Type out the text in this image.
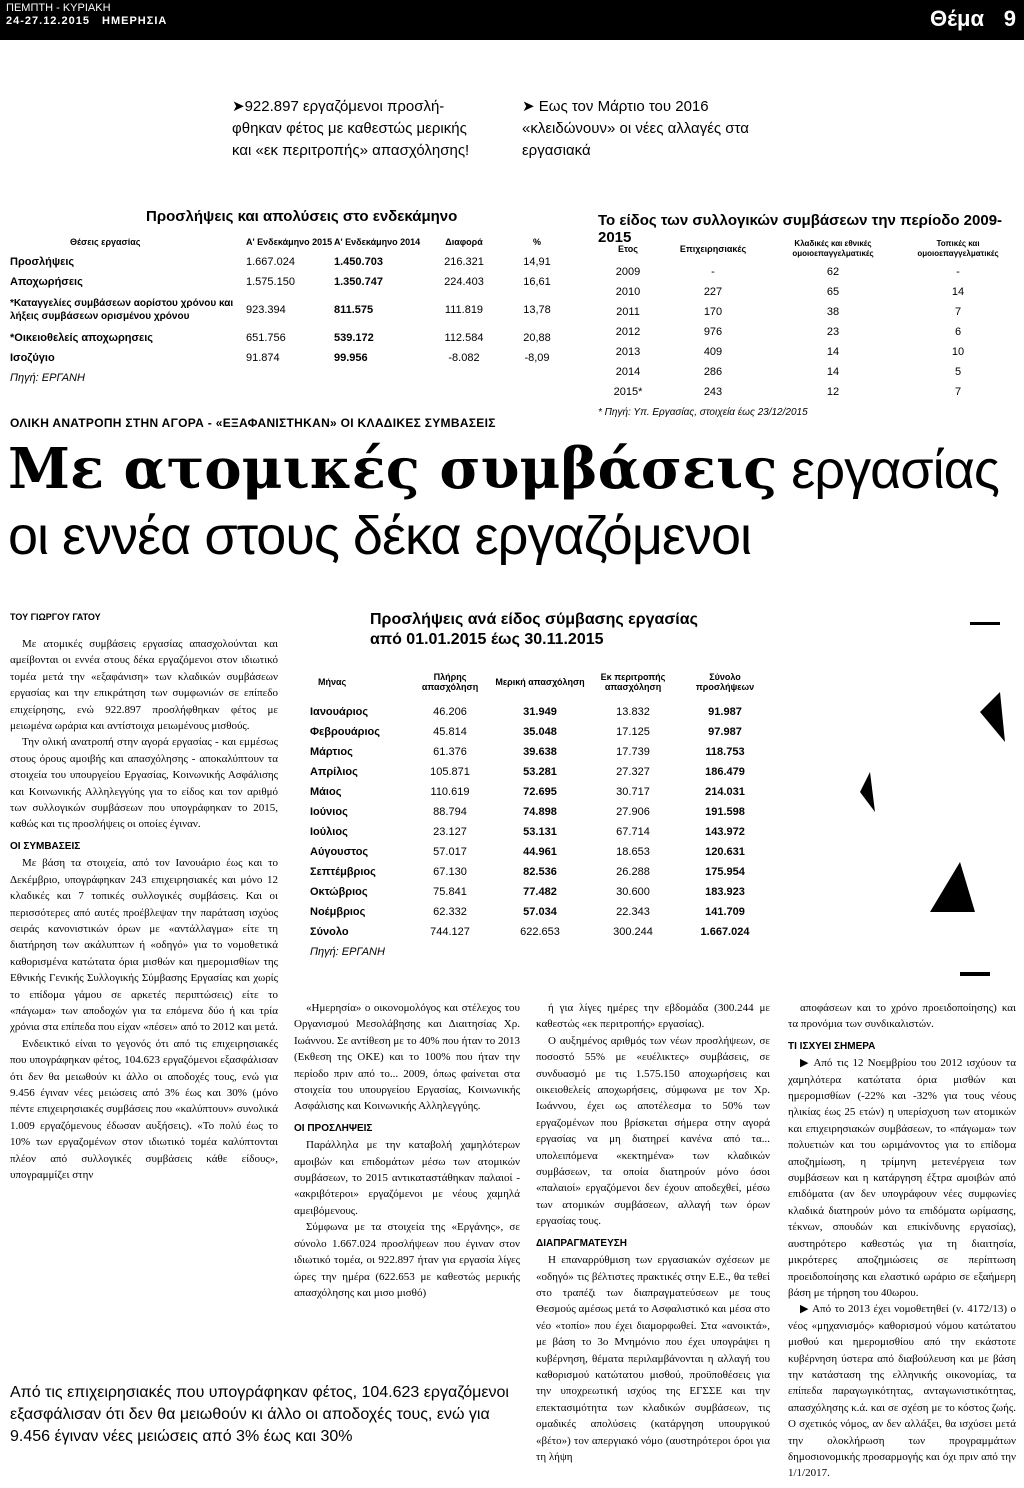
ΠΕΜΠΤΗ - ΚΥΡΙΑΚΗ
24-27.12.2015 ΗΜΕΡΗΣΙΑ	Θέμα 9
➤922.897 εργαζόμενοι προσλή-
φθηκαν φέτος με καθεστώς μερικής
και «εκ περιτροπής» απασχόλησης!
➤ Εως τον Μάρτιο του 2016
«κλειδώνουν» οι νέες αλλαγές στα
εργασιακά
Προσλήψεις και απολύσεις στο ενδεκάμηνο
Θέσεις εργασίας	Α' Ενδεκάμηνο 2015	Α' Ενδεκάμηνο 2014	Διαφορά	%
Προσλήψεις	1.667.024	1.450.703	216.321	14,91
Αποχωρήσεις	1.575.150	1.350.747	224.403	16,61
*Καταγγελίες συμβάσεων αορίστου χρόνου και λήξεις συμβάσεων ορισμένου χρόνου	923.394	811.575	111.819	13,78
*Οικειοθελείς αποχωρησεις	651.756	539.172	112.584	20,88
Ισοζύγιο	91.874	99.956	-8.082	-8,09
Πηγή: ΕΡΓΑΝΗ				
Το είδος των συλλογικών συμβάσεων την περίοδο 2009-2015
Ετος	Επιχειρησιακές	Κλαδικές και εθνικές ομοιοεπαγγελματικές	Τοπικές και ομοιοεπαγγελματικές
2009	-	62	-
2010	227	65	14
2011	170	38	7
2012	976	23	6
2013	409	14	10
2014	286	14	5
2015*	243	12	7
* Πηγή: Υπ. Εργασίας, στοιχεία έως 23/12/2015			
ΟΛΙΚΗ ΑΝΑΤΡΟΠΗ ΣΤΗΝ ΑΓΟΡΑ - «ΕΞΑΦΑΝΙΣΤΗΚΑΝ» ΟΙ ΚΛΑΔΙΚΕΣ ΣΥΜΒΑΣΕΙΣ
Με ατομικές συμβάσεις εργασίας
οι εννέα στους δέκα εργαζόμενοι
ΤΟΥ ΓΙΩΡΓΟΥ ΓΑΤΟΥ	Προσλήψεις ανά είδος σύμβασης εργασίας
από 01.01.2015 έως 30.11.2015
Μήνας	Πλήρης απασχόληση	Μερική απασχόληση	Εκ περιτροπής απασχόληση	Σύνολο προσλήψεων
Ιανουάριος	46.206	31.949	13.832	91.987
Φεβρουάριος	45.814	35.048	17.125	97.987
Μάρτιος	61.376	39.638	17.739	118.753
Απρίλιος	105.871	53.281	27.327	186.479
Μάιος	110.619	72.695	30.717	214.031
Ιούνιος	88.794	74.898	27.906	191.598
Ιούλιος	23.127	53.131	67.714	143.972
Αύγουστος	57.017	44.961	18.653	120.631
Σεπτέμβριος	67.130	82.536	26.288	175.954
Οκτώβριος	75.841	77.482	30.600	183.923
Νοέμβριος	62.332	57.034	22.343	141.709
Σύνολο	744.127	622.653	300.244	1.667.024
Πηγή: ΕΡΓΑΝΗ				

Με ατομικές συμβάσεις εργασίας απασχολούνται και αμείβονται οι εννέα στους δέκα εργαζόμενοι στον ιδιωτικό τομέα μετά την «εξαφάνιση» των κλαδικών συμβάσεων εργασίας και την επικράτηση των συμφωνιών σε επίπεδο επιχείρησης, ενώ 922.897 προσλήφθηκαν φέτος με μειωμένα ωράρια και αντίστοιχα μειωμένους μισθούς.

Την ολική ανατροπή στην αγορά εργασίας - και εμμέσως στους όρους αμοιβής και απασχόλησης - αποκαλύπτουν τα στοιχεία του υπουργείου Εργασίας, Κοινωνικής Ασφάλισης και Κοινωνικής Αλληλεγγύης για το είδος και τον αριθμό των συλλογικών συμβάσεων που υπογράφηκαν το 2015, καθώς και τις προσλήψεις οι οποίες έγιναν.

ΟΙ ΣΥΜΒΑΣΕΙΣ

Με βάση τα στοιχεία, από τον Ιανουάριο έως και το Δεκέμβριο, υπογράφηκαν 243 επιχειρησιακές και μόνο 12 κλαδικές και 7 τοπικές συλλογικές συμβάσεις. Και οι περισσότερες από αυτές προέβλεψαν την παράταση ισχύος σειράς κανονιστικών όρων με «αντάλλαγμα» είτε τη διατήρηση των ακάλυπτων ή «οδηγό» για το νομοθετικά καθορισμένα κατώτατα όρια μισθών και ημερομισθίων της Εθνικής Γενικής Συλλογικής Σύμβασης Εργασίας και χωρίς το επίδομα γάμου σε αρκετές περιπτώσεις) είτε το «πάγωμα» των αποδοχών για τα επόμενα δύο ή και τρία χρόνια στα επίπεδα που είχαν «πέσει» από το 2012 και μετά.

Ενδεικτικό είναι το γεγονός ότι από τις επιχειρησιακές που υπογράφηκαν φέτος, 104.623 εργαζόμενοι εξασφάλισαν ότι δεν θα μειωθούν κι άλλο οι αποδοχές τους, ενώ για 9.456 έγιναν νέες μειώσεις από 3% έως και 30% (μόνο πέντε επιχειρησιακές συμβάσεις που «καλύπτουν» συνολικά 1.009 εργαζόμενους έδωσαν αυξήσεις). «Το πολύ έως το 10% των εργαζομένων στον ιδιωτικό τομέα καλύπτονται πλέον από συλλογικές συμβάσεις κάθε είδους», υπογραμμίζει στην

«Ημερησία» ο οικονομολόγος και στέλεχος του Οργανισμού Μεσολάβησης και Διαιτησίας Χρ. Ιωάννου. Σε αντίθεση με το 40% που ήταν το 2013 (Εκθεση της ΟΚΕ) και το 100% που ήταν την περίοδο πριν από το... 2009, όπως φαίνεται στα στοιχεία του υπουργείου Εργασίας, Κοινωνικής Ασφάλισης και Κοινωνικής Αλληλεγγύης.

ΟΙ ΠΡΟΣΛΗΨΕΙΣ

Παράλληλα με την καταβολή χαμηλότερων αμοιβών και επιδομάτων μέσω των ατομικών συμβάσεων, το 2015 αντικαταστάθηκαν παλαιοί - «ακριβότεροι» εργαζόμενοι με νέους χαμηλά αμειβόμενους.

Σύμφωνα με τα στοιχεία της «Εργάνης», σε σύνολο 1.667.024 προσλήψεων που έγιναν στον ιδιωτικό τομέα, οι 922.897 ήταν για εργασία λίγες ώρες την ημέρα (622.653 με καθεστώς μερικής απασχόλησης και μισο μισθό)

ή για λίγες ημέρες την εβδομάδα (300.244 με καθεστώς «εκ περιτροπής» εργασίας).

Ο αυξημένος αριθμός των νέων προσλήψεων, σε ποσοστό 55% με «ευέλικτες» συμβάσεις, σε συνδυασμό με τις 1.575.150 αποχωρήσεις και οικειοθελείς αποχωρήσεις, σύμφωνα με τον Χρ. Ιωάννου, έχει ως αποτέλεσμα το 50% των εργαζομένων που βρίσκεται σήμερα στην αγορά εργασίας να μη διατηρεί κανένα από τα... υπολειπόμενα «κεκτημένα» των κλαδικών συμβάσεων, τα οποία διατηρούν μόνο όσοι «παλαιοί» εργαζόμενοι δεν έχουν αποδεχθεί, μέσω των ατομικών συμβάσεων, αλλαγή των όρων εργασίας τους.

ΔΙΑΠΡΑΓΜΑΤΕΥΣΗ

Η επαναρρύθμιση των εργασιακών σχέσεων με «οδηγό» τις βέλτιστες πρακτικές στην Ε.Ε., θα τεθεί στο τραπέζι των διαπραγματεύσεων με τους Θεσμούς αμέσως μετά το Ασφαλιστικό και μέσα στο νέο «τοπίο» που έχει διαμορφωθεί. Στα «ανοικτά», με βάση το 3ο Μνημόνιο που έχει υπογράψει η κυβέρνηση, θέματα περιλαμβάνονται η αλλαγή του καθορισμού κατώτατου μισθού, προϋποθέσεις για την υποχρεωτική ισχύος της ΕΓΣΣΕ και την επεκτασιμότητα των κλαδικών συμβάσεων, τις ομαδικές απολύσεις (κατάργηση υπουργικού «βέτο») τον απεργιακό νόμο (αυστηρότεροι όροι για τη λήψη

αποφάσεων και το χρόνο προειδοποίησης) και τα προνόμια των συνδικαλιστών.

ΤΙ ΙΣΧΥΕΙ ΣΗΜΕΡΑ

▶ Από τις 12 Νοεμβρίου του 2012 ισχύουν τα χαμηλότερα κατώτατα όρια μισθών και ημερομισθίων (-22% και -32% για τους νέους ηλικίας έως 25 ετών) η υπερίσχυση των ατομικών και επιχειρησιακών συμβάσεων, το «πάγωμα» των πολυετιών και του ωριμάνοντος για το επίδομα αποζημίωση, η τρίμηνη μετενέργεια των συμβάσεων και η κατάργηση έξτρα αμοιβών από επιδόματα (αν δεν υπογράφουν νέες συμφωνίες κλαδικά διατηρούν μόνο τα επιδόματα ωρίμασης, τέκνων, σπουδών και επικίνδυνης εργασίας), αυστηρότερο καθεστώς για τη διαιτησία, μικρότερες αποζημιώσεις σε περίπτωση προειδοποίησης και ελαστικό ωράριο σε εξαήμερη βάση με τήρηση του 40ωρου.

▶ Από το 2013 έχει νομοθετηθεί (ν. 4172/13) ο νέος «μηχανισμός» καθορισμού νόμου κατώτατου μισθού και ημερομισθίου από την εκάστοτε κυβέρνηση ύστερα από διαβούλευση και με βάση την κατάσταση της ελληνικής οικονομίας, τα επίπεδα παραγωγικότητας, ανταγωνιστικότητας, απασχόλησης κ.ά. και σε σχέση με το κόστος ζωής. Ο σχετικός νόμος, αν δεν αλλάξει, θα ισχύσει μετά την ολοκλήρωση των προγραμμάτων δημοσιονομικής προσαρμογής και όχι πριν από την 1/1/2017.

Από τις επιχειρησιακές που υπογράφηκαν φέτος, 104.623 εργαζόμενοι εξασφάλισαν ότι δεν θα μειωθούν κι άλλο οι αποδοχές τους, ενώ για 9.456 έγιναν νέες μειώσεις από 3% έως και 30%
